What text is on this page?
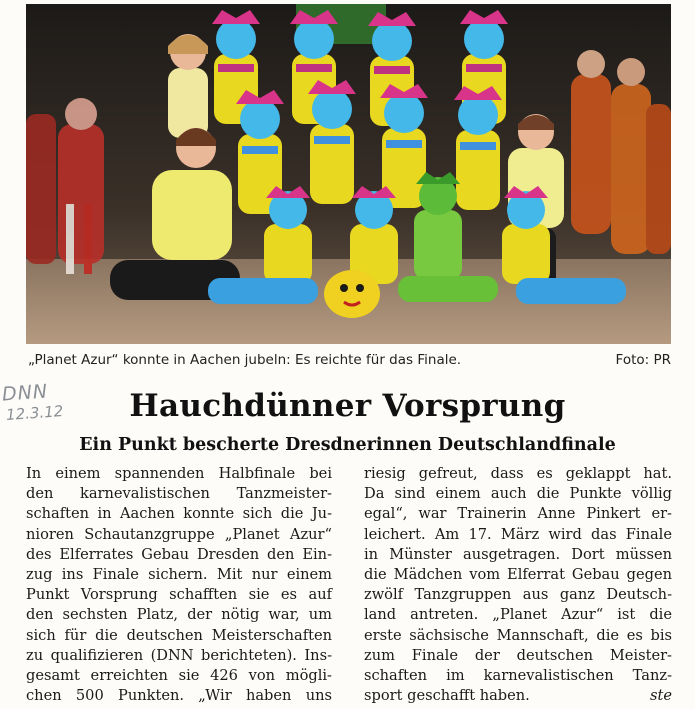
„Planet Azur“ konnte in Aachen jubeln: Es reichte für das Finale.	Foto: PR
DNN
12.3.12	Hauchdünner Vorsprung
Ein Punkt bescherte Dresdnerinnen Deutschlandfinale
In einem spannenden Halbfinale bei
den karnevalistischen Tanzmeister-
schaften in Aachen konnte sich die Ju-
nioren Schautanzgruppe „Planet Azur“
des Elferrates Gebau Dresden den Ein-
zug ins Finale sichern. Mit nur einem
Punkt Vorsprung schafften sie es auf
den sechsten Platz, der nötig war, um
sich für die deutschen Meisterschaften
zu qualifizieren (DNN berichteten). Ins-
gesamt erreichten sie 426 von mögli-
chen 500 Punkten. „Wir haben uns
riesig gefreut, dass es geklappt hat.
Da sind einem auch die Punkte völlig
egal“, war Trainerin Anne Pinkert er-
leichert. Am 17. März wird das Finale
in Münster ausgetragen. Dort müssen
die Mädchen vom Elferrat Gebau gegen
zwölf Tanzgruppen aus ganz Deutsch-
land antreten. „Planet Azur“ ist die
erste sächsische Mannschaft, die es bis
zum Finale der deutschen Meister-
schaften im karnevalistischen Tanz-
sport geschafft haben.	ste
